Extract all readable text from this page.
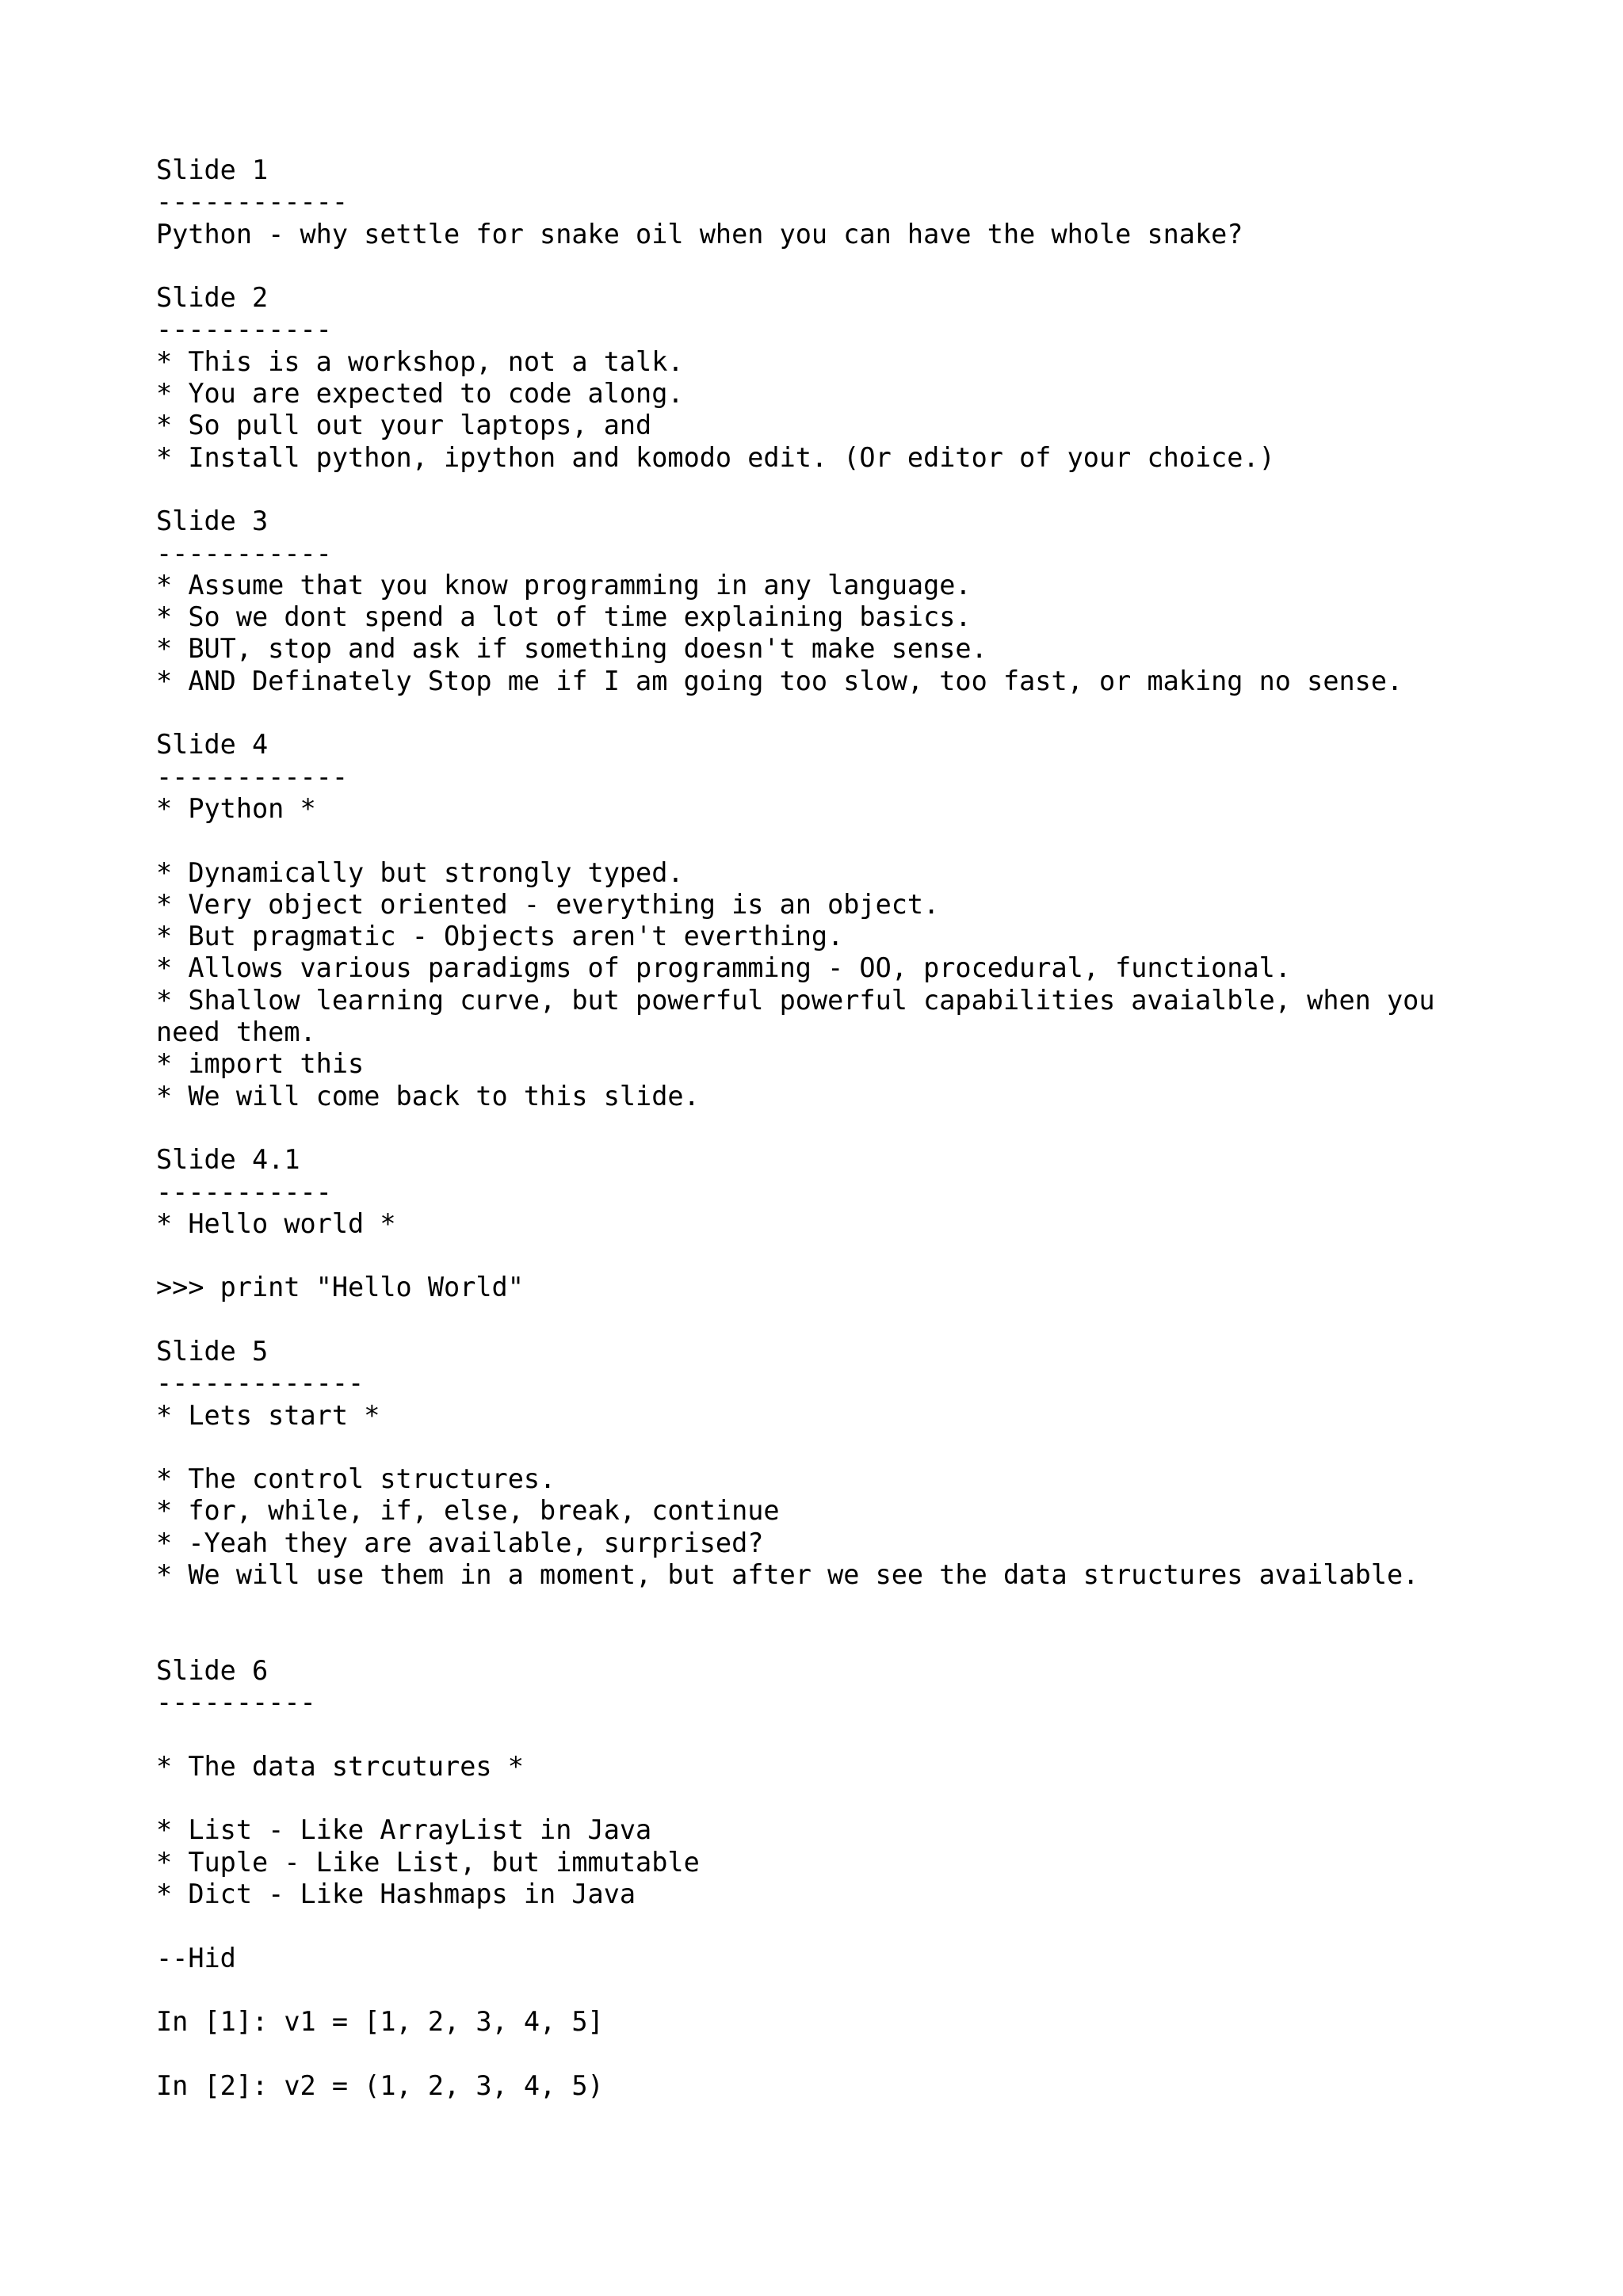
Slide 1
------------
Python - why settle for snake oil when you can have the whole snake?
Slide 2
-----------
* This is a workshop, not a talk.
* You are expected to code along.
* So pull out your laptops, and
* Install python, ipython and komodo edit. (Or editor of your choice.)
Slide 3
-----------
* Assume that you know programming in any language.
* So we dont spend a lot of time explaining basics.
* BUT, stop and ask if something doesn't make sense.
* AND Definately Stop me if I am going too slow, too fast, or making no sense.
Slide 4
------------
* Python *
* Dynamically but strongly typed.
* Very object oriented - everything is an object.
* But pragmatic - Objects aren't everthing.
* Allows various paradigms of programming - OO, procedural, functional.
* Shallow learning curve, but powerful powerful capabilities avaialble, when you
need them.
* import this
* We will come back to this slide.
Slide 4.1
-----------
* Hello world *
>>> print "Hello World"
Slide 5
-------------
* Lets start *
* The control structures.
* for, while, if, else, break, continue
* -Yeah they are available, surprised?
* We will use them in a moment, but after we see the data structures available.
Slide 6
----------
* The data strcutures *
* List - Like ArrayList in Java
* Tuple - Like List, but immutable
* Dict - Like Hashmaps in Java
--Hid
In [1]: v1 = [1, 2, 3, 4, 5]
In [2]: v2 = (1, 2, 3, 4, 5)
